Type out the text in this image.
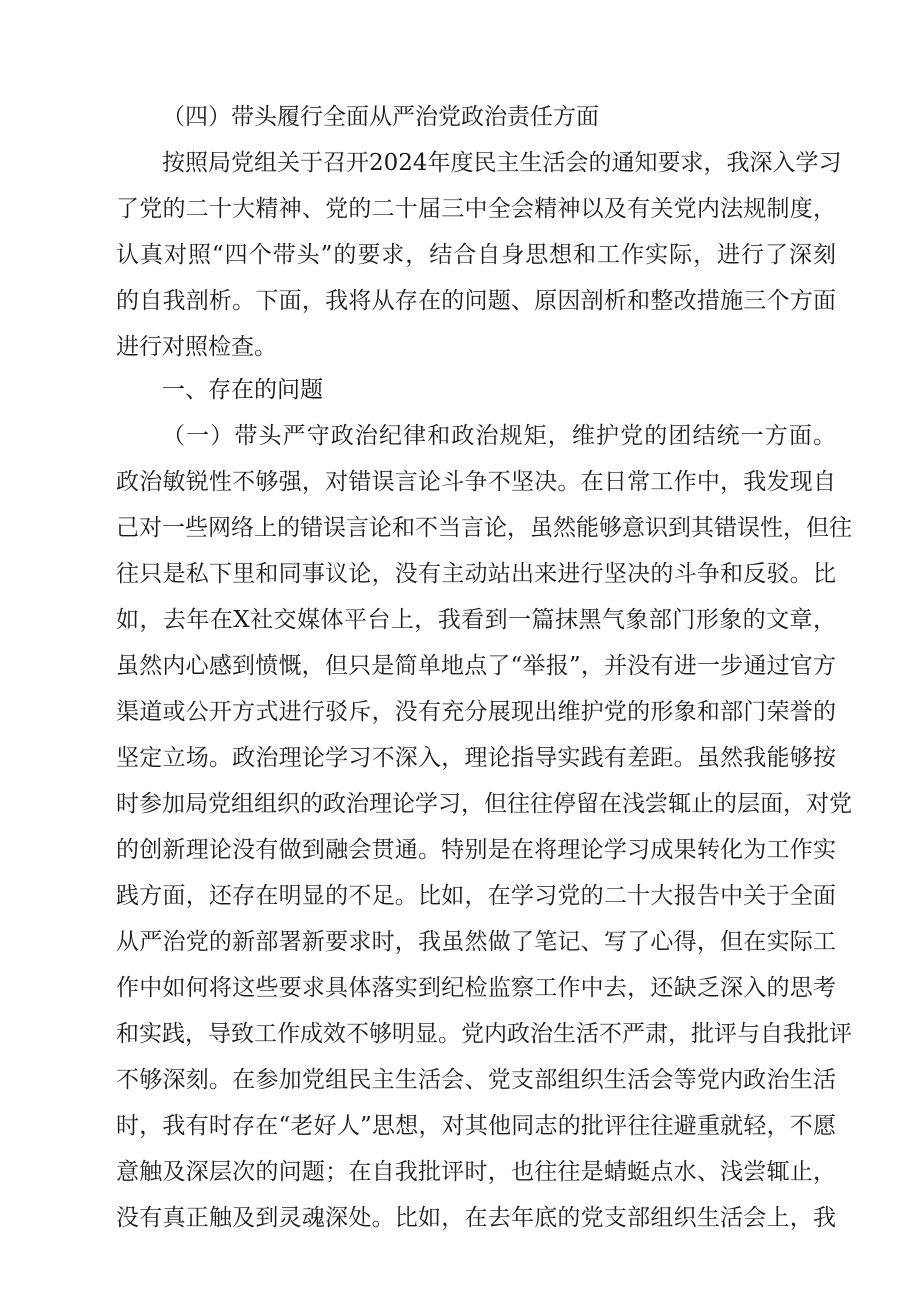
（四）带头履行全面从严治党政治责任方面
按照局党组关于召开2024年度民主生活会的通知要求，我深入学习
了党的二十大精神、党的二十届三中全会精神以及有关党内法规制度，
认真对照“四个带头”的要求，结合自身思想和工作实际，进行了深刻
的自我剖析。下面，我将从存在的问题、原因剖析和整改措施三个方面
进行对照检查。
一、存在的问题
（一）带头严守政治纪律和政治规矩，维护党的团结统一方面。
政治敏锐性不够强，对错误言论斗争不坚决。在日常工作中，我发现自
己对一些网络上的错误言论和不当言论，虽然能够意识到其错误性，但往
往只是私下里和同事议论，没有主动站出来进行坚决的斗争和反驳。比
如，去年在X社交媒体平台上，我看到一篇抹黑气象部门形象的文章，
虽然内心感到愤慨，但只是简单地点了“举报”，并没有进一步通过官方
渠道或公开方式进行驳斥，没有充分展现出维护党的形象和部门荣誉的
坚定立场。政治理论学习不深入，理论指导实践有差距。虽然我能够按
时参加局党组组织的政治理论学习，但往往停留在浅尝辄止的层面，对党
的创新理论没有做到融会贯通。特别是在将理论学习成果转化为工作实
践方面，还存在明显的不足。比如，在学习党的二十大报告中关于全面
从严治党的新部署新要求时，我虽然做了笔记、写了心得，但在实际工
作中如何将这些要求具体落实到纪检监察工作中去，还缺乏深入的思考
和实践，导致工作成效不够明显。党内政治生活不严肃，批评与自我批评
不够深刻。在参加党组民主生活会、党支部组织生活会等党内政治生活
时，我有时存在“老好人”思想，对其他同志的批评往往避重就轻，不愿
意触及深层次的问题；在自我批评时，也往往是蜻蜓点水、浅尝辄止，
没有真正触及到灵魂深处。比如，在去年底的党支部组织生活会上，我
